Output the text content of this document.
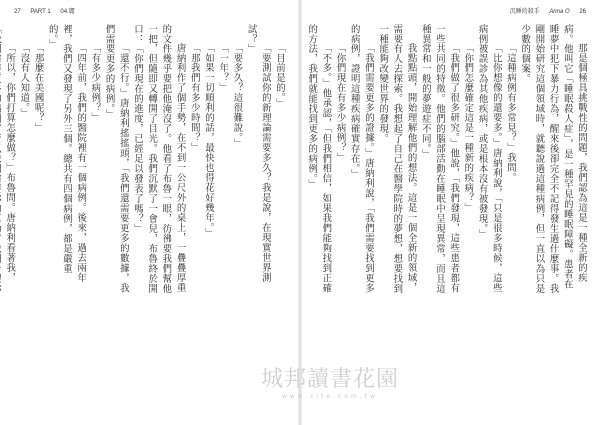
27 PART 1 04.麗

「目前是的。」

「要測試你的新理論需要多久？我是說，在現實世界測試？」

「要多久？這很難說。」

「一年？」

「如果一切順利的話，最快也得花好幾年。」

「那我們有多少時間？」

唐納利作了個手勢，在不到一公尺外的桌上，一疊疊厚重的文件幾乎要把他淹沒了。他看了布魯一眼，彷彿要我們幫他一把，但隨即又轉開了目光。我們沉默了一會兒，布魯終於開口：「你們現在的進度，已經足以發表了嗎？」

「還不行。」唐納利搖搖頭，「我們還需要更多的數據，我們需要更多的病例。」

「有多少病例？」

「四年前，我們的醫院裡有一個病例。後來，過去兩年裡，我們又發現了另外三個。總共有四個病例，都是嚴重的。」

「那麼在美國呢？」

「沒有人知道。」

「所以，你們打算怎麼做？」布魯問。唐納利看著我，

沉睡的殺手 Anna O 26

那是個極具挑戰性的問題，我們認為這是一種全新的疾病。他叫它「睡眠殺人症」，是一種罕見的睡眠障礙。患者在睡夢中犯下暴力行為，醒來後卻完全不記得發生過什麼事。我剛開始研究這個領域時，就聽說過這種病例，但一直以為只是少數的個案。

「這種病例有多常見？」我問。

「比你想像的還要多。」唐納利說，「只是很多時候，這些病例被誤診為其他疾病，或是根本沒有被發現。」

「你們怎麼確定這是一種新的疾病？」

「我們做了很多研究。」他說，「我們發現，這些患者都有一些共同的特徵。他們的腦部活動在睡眠中呈現異常，而且這種異常和一般的夢遊症不同。」

我點點頭，開始理解他們的想法。這是一個全新的領域，需要有人去探索。我想起了自己在醫學院時的夢想，想要找到一種能夠改變世界的發現。

「我們需要更多的證據。」唐納利說，「我們需要找到更多的病例，證明這種疾病確實存在。」

「你們現在有多少病例？」

「不多。」他承認，「但我們相信，如果我們能夠找到正確的方法，我們就能找到更多的病例。」

城邦讀書花園
www.cite.com.tw
